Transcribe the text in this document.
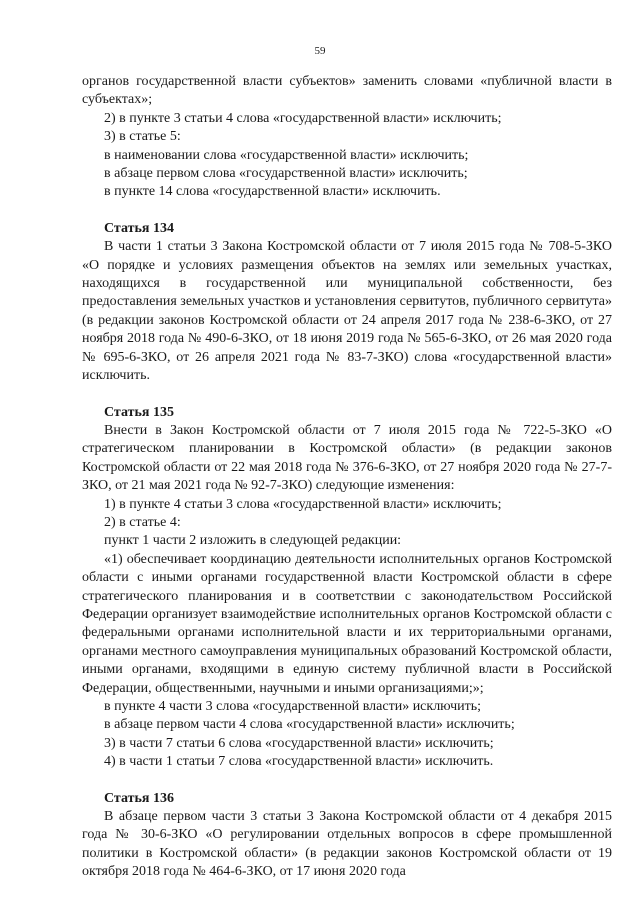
59
органов государственной власти субъектов» заменить словами «публичной власти в субъектах»;
2) в пункте 3 статьи 4 слова «государственной власти» исключить;
3) в статье 5:
в наименовании слова «государственной власти» исключить;
в абзаце первом слова «государственной власти» исключить;
в пункте 14 слова «государственной власти» исключить.
Статья 134
В части 1 статьи 3 Закона Костромской области от 7 июля 2015 года № 708-5-ЗКО «О порядке и условиях размещения объектов на землях или земельных участках, находящихся в государственной или муниципальной собственности, без предоставления земельных участков и установления сервитутов, публичного сервитута» (в редакции законов Костромской области от 24 апреля 2017 года № 238-6-ЗКО, от 27 ноября 2018 года № 490-6-ЗКО, от 18 июня 2019 года № 565-6-ЗКО, от 26 мая 2020 года № 695-6-ЗКО, от 26 апреля 2021 года № 83-7-ЗКО) слова «государственной власти» исключить.
Статья 135
Внести в Закон Костромской области от 7 июля 2015 года № 722-5-ЗКО «О стратегическом планировании в Костромской области» (в редакции законов Костромской области от 22 мая 2018 года № 376-6-ЗКО, от 27 ноября 2020 года № 27-7-ЗКО, от 21 мая 2021 года № 92-7-ЗКО) следующие изменения:
1) в пункте 4 статьи 3 слова «государственной власти» исключить;
2) в статье 4:
пункт 1 части 2 изложить в следующей редакции:
«1) обеспечивает координацию деятельности исполнительных органов Костромской области с иными органами государственной власти Костромской области в сфере стратегического планирования и в соответствии с законодательством Российской Федерации организует взаимодействие исполнительных органов Костромской области с федеральными органами исполнительной власти и их территориальными органами, органами местного самоуправления муниципальных образований Костромской области, иными органами, входящими в единую систему публичной власти в Российской Федерации, общественными, научными и иными организациями;»;
в пункте 4 части 3 слова «государственной власти» исключить;
в абзаце первом части 4 слова «государственной власти» исключить;
3) в части 7 статьи 6 слова «государственной власти» исключить;
4) в части 1 статьи 7 слова «государственной власти» исключить.
Статья 136
В абзаце первом части 3 статьи 3 Закона Костромской области от 4 декабря 2015 года № 30-6-ЗКО «О регулировании отдельных вопросов в сфере промышленной политики в Костромской области» (в редакции законов Костромской области от 19 октября 2018 года № 464-6-ЗКО, от 17 июня 2020 года
